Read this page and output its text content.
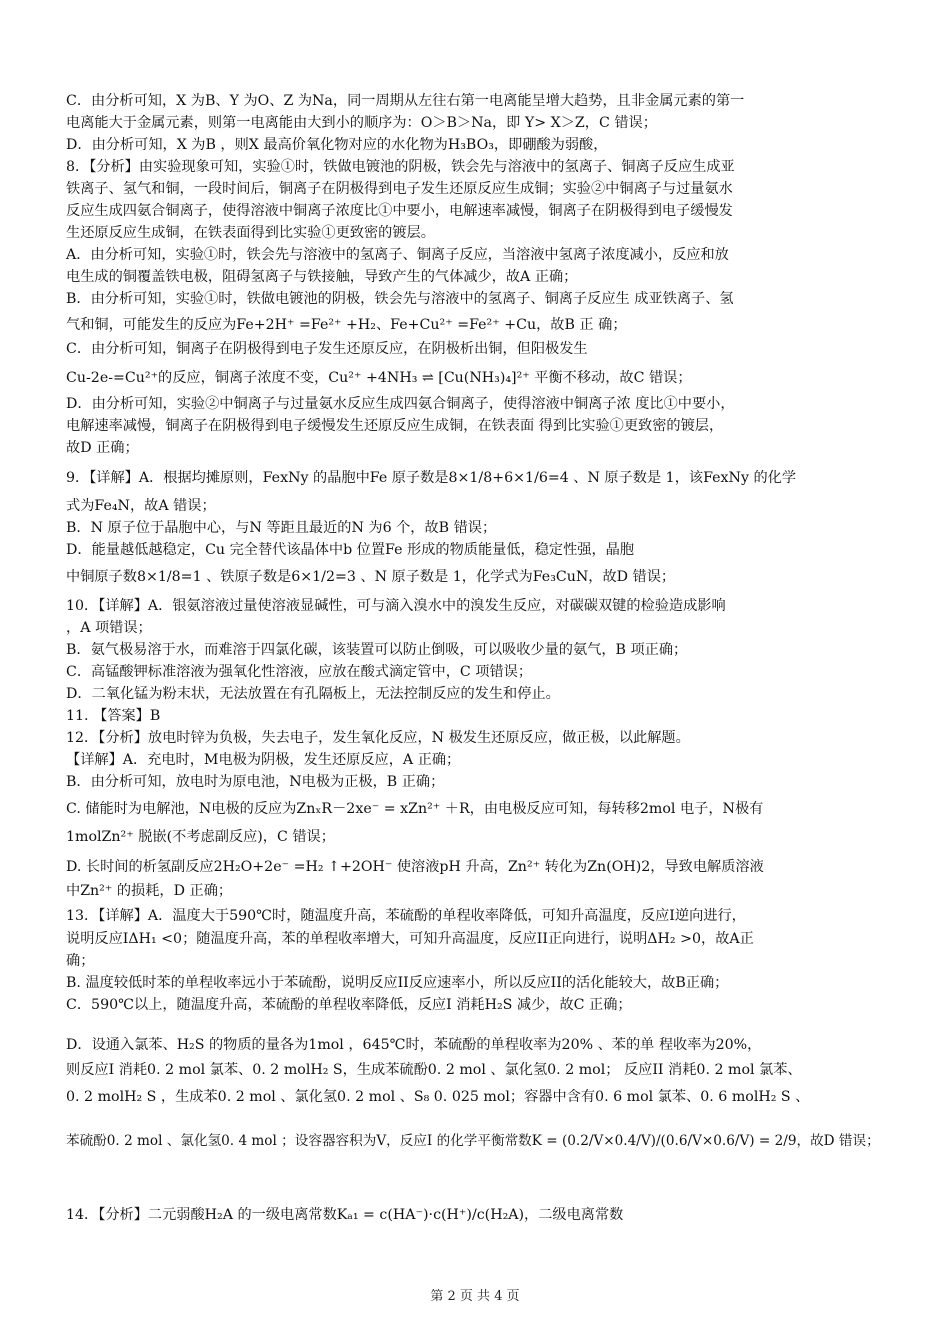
C．由分析可知，X 为B、Y 为O、Z 为Na，同一周期从左往右第一电离能呈增大趋势，且非金属元素的第一
电离能大于金属元素，则第一电离能由大到小的顺序为：O＞B＞Na，即 Y> X＞Z，C 错误；
D．由分析可知，X 为B ，则X 最高价氧化物对应的水化物为H₃BO₃，即硼酸为弱酸，
8．【分析】由实验现象可知，实验①时，铁做电镀池的阴极，铁会先与溶液中的氢离子、铜离子反应生成亚
铁离子、氢气和铜，一段时间后，铜离子在阴极得到电子发生还原反应生成铜；实验②中铜离子与过量氨水
反应生成四氨合铜离子，使得溶液中铜离子浓度比①中要小，电解速率减慢，铜离子在阴极得到电子缓慢发
生还原反应生成铜，在铁表面得到比实验①更致密的镀层。
A．由分析可知，实验①时，铁会先与溶液中的氢离子、铜离子反应，当溶液中氢离子浓度减小，反应和放
电生成的铜覆盖铁电极，阻碍氢离子与铁接触，导致产生的气体减少，故A 正确；
B．由分析可知，实验①时，铁做电镀池的阴极，铁会先与溶液中的氢离子、铜离子反应生 成亚铁离子、氢
气和铜，可能发生的反应为Fe+2H⁺ =Fe²⁺ +H₂、Fe+Cu²⁺ =Fe²⁺ +Cu，故B 正 确；
C．由分析可知，铜离子在阴极得到电子发生还原反应，在阴极析出铜，但阳极发生
Cu-2e-=Cu²⁺的反应，铜离子浓度不变，Cu²⁺ +4NH₃ ⇌ [Cu(NH₃)₄]²⁺ 平衡不移动，故C 错误；
D．由分析可知，实验②中铜离子与过量氨水反应生成四氨合铜离子，使得溶液中铜离子浓 度比①中要小，
电解速率减慢，铜离子在阴极得到电子缓慢发生还原反应生成铜，在铁表面 得到比实验①更致密的镀层，
故D 正确；
9．【详解】A．根据均摊原则，FexNy 的晶胞中Fe 原子数是8×1/8+6×1/6=4 、N 原子数是 1，该FexNy 的化学
式为Fe₄N，故A 错误；
B．N 原子位于晶胞中心，与N 等距且最近的N 为6 个，故B 错误；
D．能量越低越稳定，Cu 完全替代该晶体中b 位置Fe 形成的物质能量低，稳定性强，晶胞
中铜原子数8×1/8=1 、铁原子数是6×1/2=3 、N 原子数是 1，化学式为Fe₃CuN，故D 错误；
10．【详解】A．银氨溶液过量使溶液显碱性，可与滴入溴水中的溴发生反应，对碳碳双键的检验造成影响
，A 项错误；
B．氨气极易溶于水，而难溶于四氯化碳，该装置可以防止倒吸，可以吸收少量的氨气，B 项正确；
C．高锰酸钾标准溶液为强氧化性溶液，应放在酸式滴定管中，C 项错误；
D．二氧化锰为粉末状，无法放置在有孔隔板上，无法控制反应的发生和停止。
11. 【答案】B
12．【分析】放电时锌为负极，失去电子，发生氧化反应，N 极发生还原反应，做正极，以此解题。
【详解】A．充电时，M电极为阴极，发生还原反应，A 正确；
B．由分析可知，放电时为原电池，N电极为正极，B 正确；
C. 储能时为电解池，N电极的反应为ZnₓR－2xe⁻ = xZn²⁺ ＋R，由电极反应可知，每转移2mol 电子，N极有
1molZn²⁺ 脱嵌(不考虑副反应)，C 错误；
D. 长时间的析氢副反应2H₂O+2e⁻ =H₂ ↑+2OH⁻ 使溶液pH 升高，Zn²⁺ 转化为Zn(OH)2，导致电解质溶液
中Zn²⁺ 的损耗，D 正确；
13．【详解】A．温度大于590℃时，随温度升高，苯硫酚的单程收率降低，可知升高温度，反应I逆向进行，
说明反应IΔH₁ <0；随温度升高，苯的单程收率增大，可知升高温度，反应II正向进行，说明ΔH₂ >0，故A正
确；
B. 温度较低时苯的单程收率远小于苯硫酚，说明反应II反应速率小，所以反应II的活化能较大，故B正确；
C．590℃以上，随温度升高，苯硫酚的单程收率降低，反应I 消耗H₂S 减少，故C 正确；
D．设通入氯苯、H₂S 的物质的量各为1mol ，645℃时，苯硫酚的单程收率为20% 、苯的单 程收率为20%，
则反应I 消耗0. 2 mol 氯苯、0. 2 molH₂ S，生成苯硫酚0. 2 mol 、氯化氢0. 2 mol； 反应II 消耗0. 2 mol 氯苯、
0. 2 molH₂ S ，生成苯0. 2 mol 、氯化氢0. 2 mol 、S₈ 0. 025 mol；容器中含有0. 6 mol 氯苯、0. 6 molH₂ S 、
苯硫酚0. 2 mol 、氯化氢0. 4 mol ；设容器容积为V，反应I 的化学平衡常数K = (0.2/V×0.4/V)/(0.6/V×0.6/V) = 2/9，故D 错误；
14．【分析】二元弱酸H₂A 的一级电离常数Kₐ₁ = c(HA⁻)·c(H⁺)/c(H₂A)，二级电离常数
第 2 页 共 4 页
